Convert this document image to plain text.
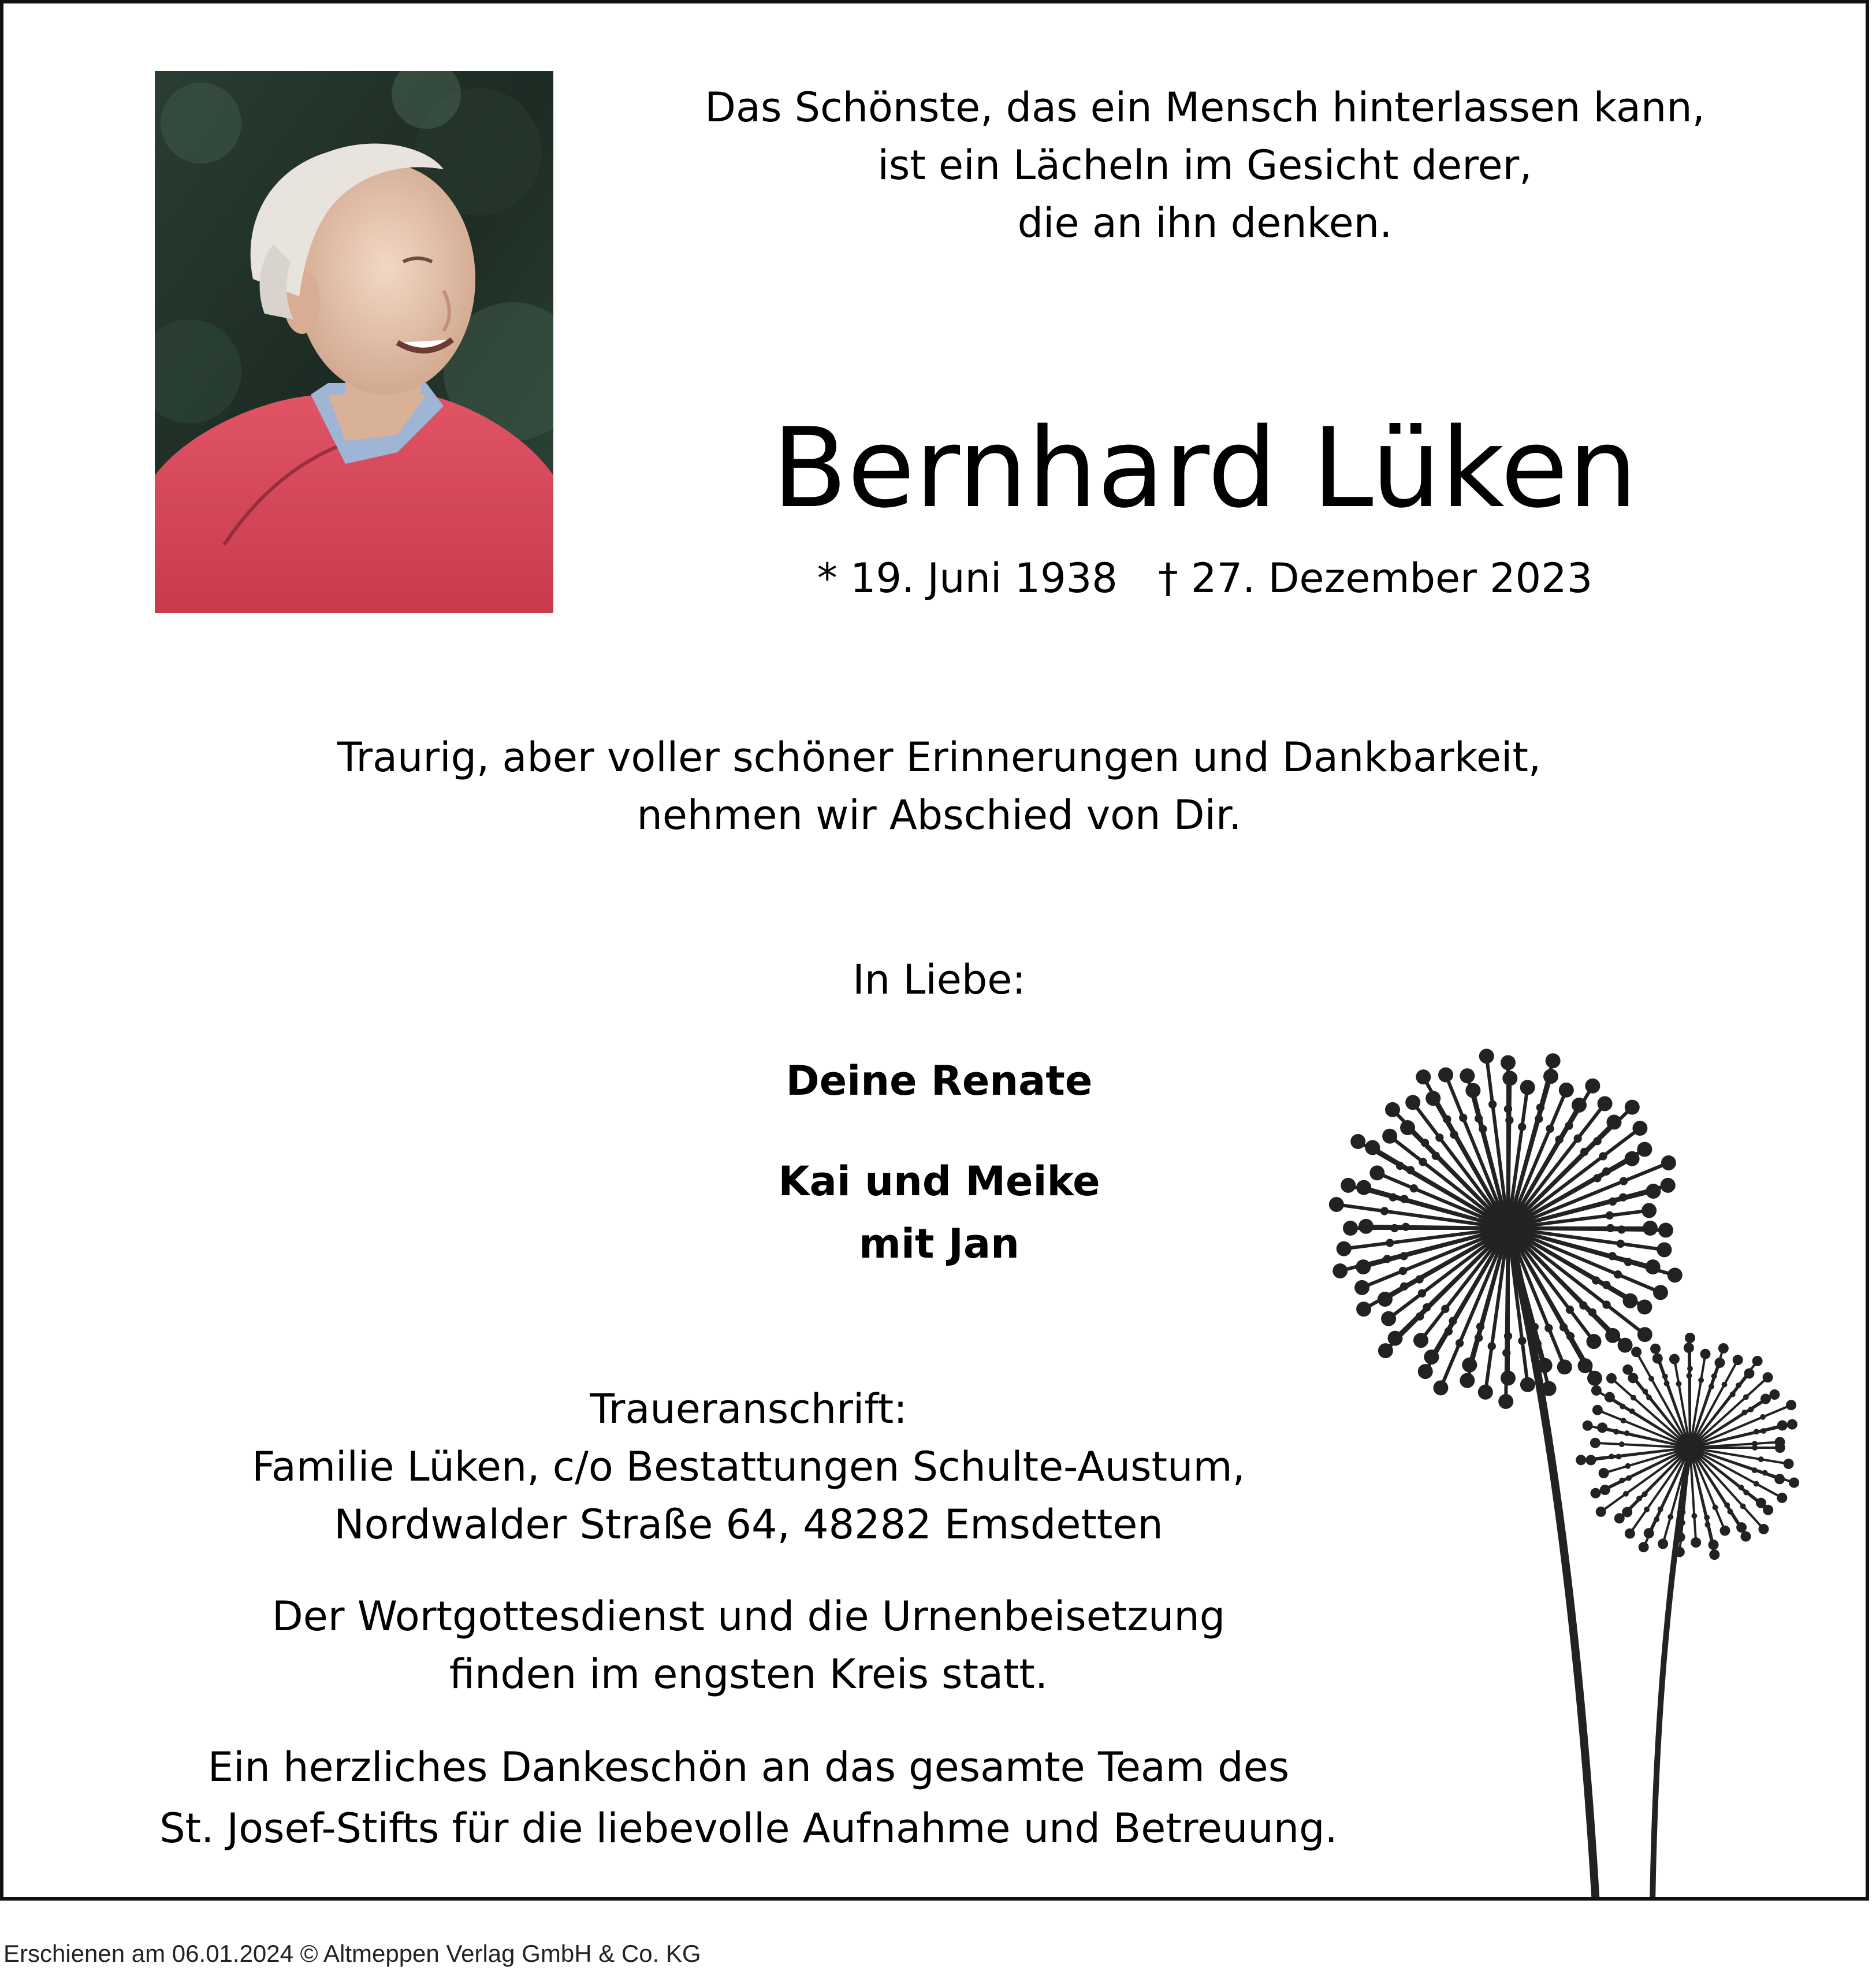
Das Schönste, das ein Mensch hinterlassen kann,
ist ein Lächeln im Gesicht derer,
die an ihn denken.
Bernhard Lüken
* 19. Juni 1938 † 27. Dezember 2023
Traurig, aber voller schöner Erinnerungen und Dankbarkeit,
nehmen wir Abschied von Dir.
In Liebe:
Deine Renate
Kai und Meike
mit Jan
Traueranschrift:
Familie Lüken, c/o Bestattungen Schulte-Austum,
Nordwalder Straße 64, 48282 Emsdetten
Der Wortgottesdienst und die Urnenbeisetzung
finden im engsten Kreis statt.
Ein herzliches Dankeschön an das gesamte Team des
St. Josef-Stifts für die liebevolle Aufnahme und Betreuung.
Erschienen am 06.01.2024 © Altmeppen Verlag GmbH & Co. KG
